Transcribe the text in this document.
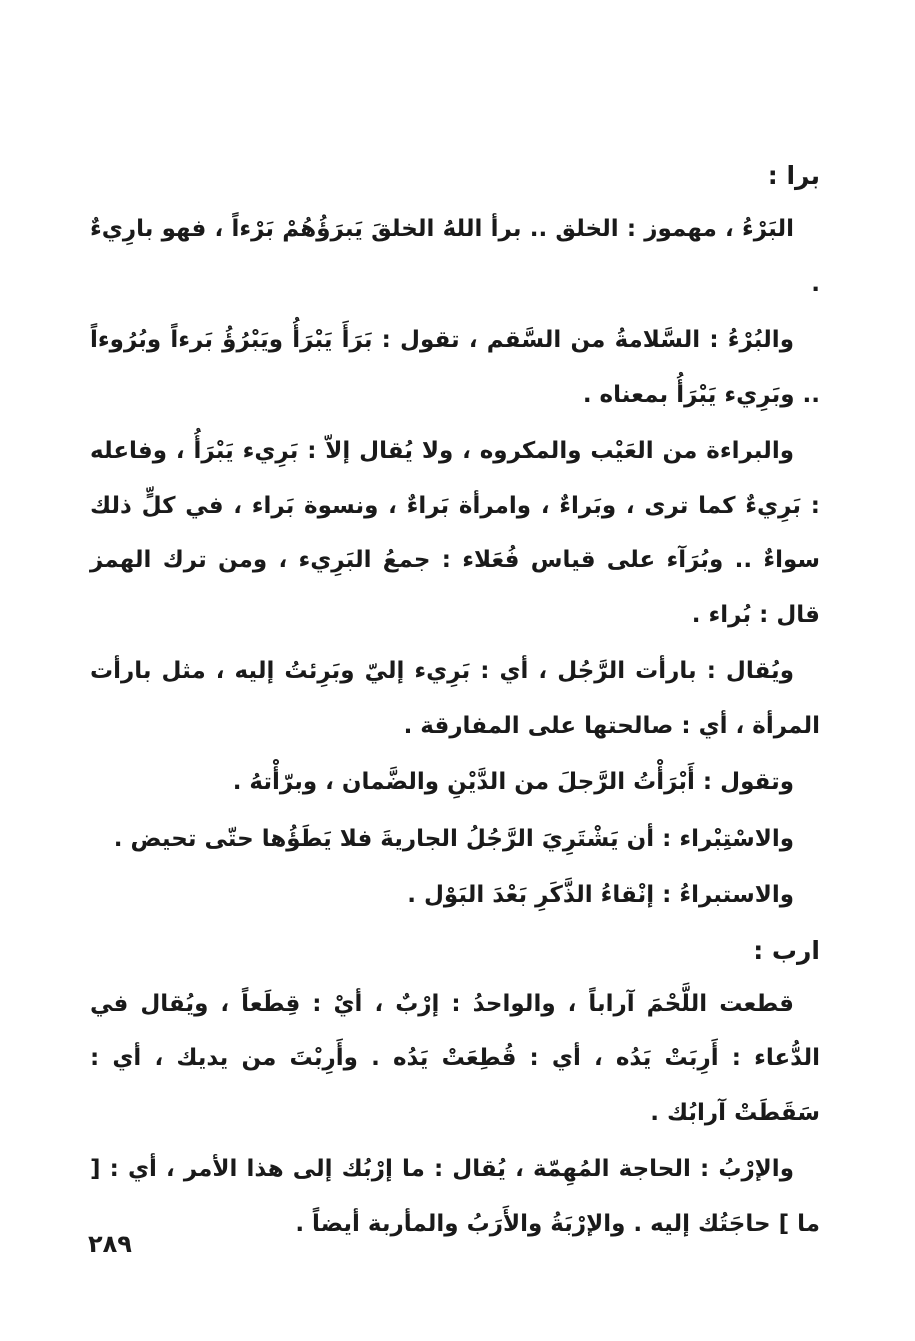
برا :

البَرْءُ ، مهموز : الخلق .. برأ اللهُ الخلقَ يَبرَؤُهُمْ بَرْءاً ، فهو بارِيءٌ .

والبُرْءُ : السَّلامةُ من السَّقم ، تقول : بَرَأَ يَبْرَأُ ويَبْرُؤُ بَرءاً وبُرُوءاً .. وبَرِيء يَبْرَأُ بمعناه .

والبراءة من العَيْب والمكروه ، ولا يُقال إلاّ : بَرِيء يَبْرَأُ ، وفاعله : بَرِيءٌ كما ترى ، وبَراءٌ ، وامرأة بَراءٌ ، ونسوة بَراء ، في كلٍّ ذلك سواءٌ .. وبُرَآء على قياس فُعَلاء : جمعُ البَرِيء ، ومن ترك الهمز قال : بُراء .

ويُقال : بارأت الرَّجُل ، أي : بَرِيء إليّ وبَرِئتُ إليه ، مثل بارأت المرأة ، أي : صالحتها على المفارقة .

وتقول : أَبْرَأْتُ الرَّجلَ من الدَّيْنِ والضَّمان ، وبرّأْتهُ .

والاسْتِبْراء : أن يَشْتَرِيَ الرَّجُلُ الجاريةَ فلا يَطَؤُها حتّى تحيض .

والاستبراءُ : إنْقاءُ الذَّكَرِ بَعْدَ البَوْل .

ارب :

قطعت اللَّحْمَ آراباً ، والواحدُ : إرْبٌ ، أيْ : قِطَعاً ، ويُقال في الدُّعاء : أَرِبَتْ يَدُه ، أي : قُطِعَتْ يَدُه . وأَرِبْتَ من يديك ، أي : سَقَطَتْ آرابُك .

والإرْبُ : الحاجة المُهِمّة ، يُقال : ما إرْبُك إلى هذا الأمر ، أي : [ ما ] حاجَتُك إليه . والإرْبَةُ والأَرَبُ والمأربة أيضاً .

٢٨٩
